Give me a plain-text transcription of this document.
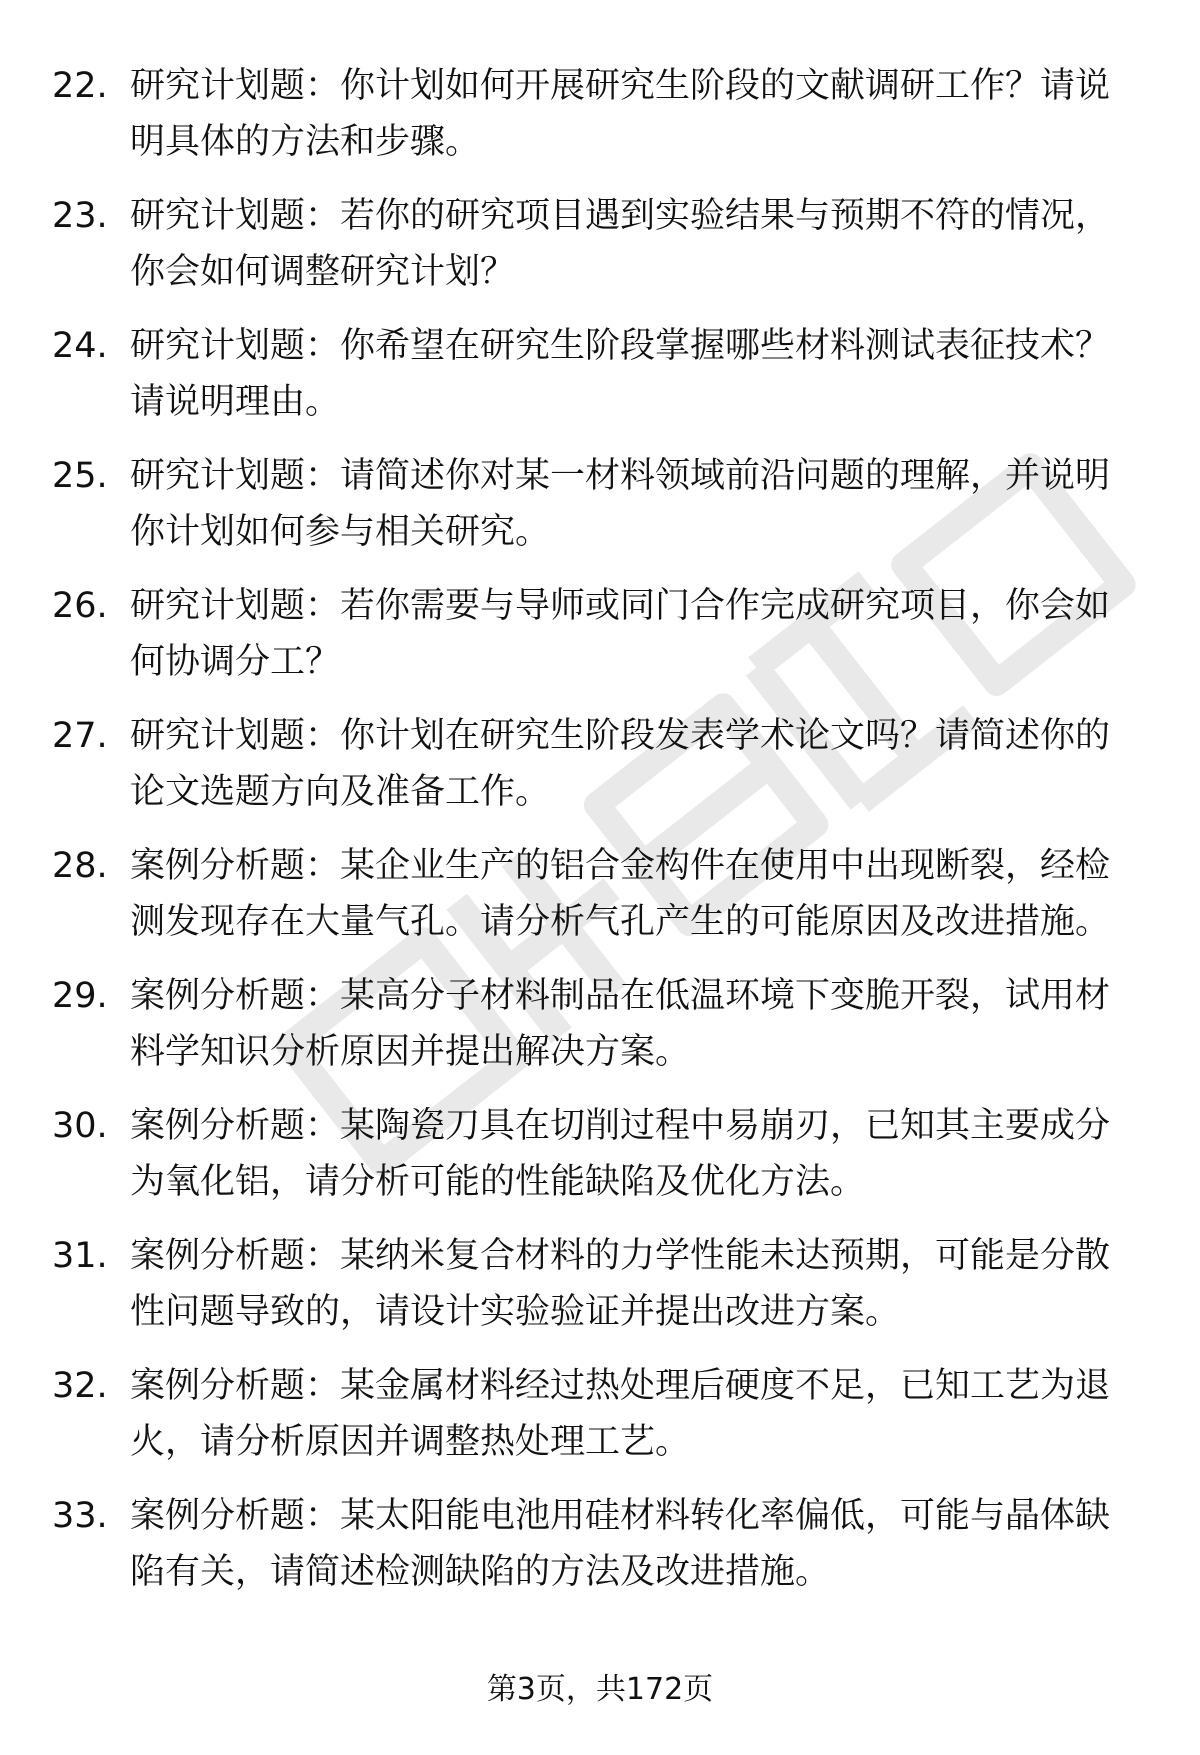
22. 研究计划题：你计划如何开展研究生阶段的文献调研工作？请说明具体的方法和步骤。
23. 研究计划题：若你的研究项目遇到实验结果与预期不符的情况，你会如何调整研究计划？
24. 研究计划题：你希望在研究生阶段掌握哪些材料测试表征技术？请说明理由。
25. 研究计划题：请简述你对某一材料领域前沿问题的理解，并说明你计划如何参与相关研究。
26. 研究计划题：若你需要与导师或同门合作完成研究项目，你会如何协调分工？
27. 研究计划题：你计划在研究生阶段发表学术论文吗？请简述你的论文选题方向及准备工作。
28. 案例分析题：某企业生产的铝合金构件在使用中出现断裂，经检测发现存在大量气孔。请分析气孔产生的可能原因及改进措施。
29. 案例分析题：某高分子材料制品在低温环境下变脆开裂，试用材料学知识分析原因并提出解决方案。
30. 案例分析题：某陶瓷刀具在切削过程中易崩刃，已知其主要成分为氧化铝，请分析可能的性能缺陷及优化方法。
31. 案例分析题：某纳米复合材料的力学性能未达预期，可能是分散性问题导致的，请设计实验验证并提出改进方案。
32. 案例分析题：某金属材料经过热处理后硬度不足，已知工艺为退火，请分析原因并调整热处理工艺。
33. 案例分析题：某太阳能电池用硅材料转化率偏低，可能与晶体缺陷有关，请简述检测缺陷的方法及改进措施。
第3页，共172页
